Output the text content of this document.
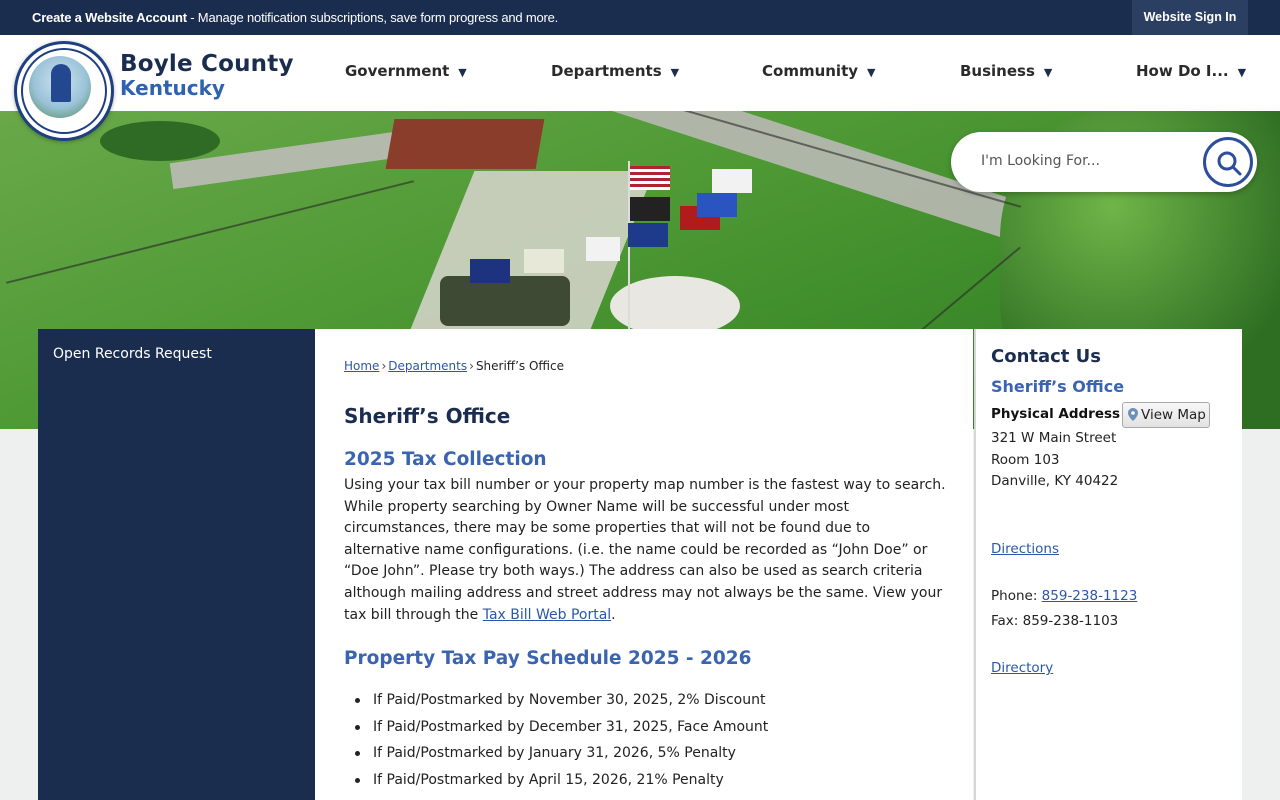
Create a Website Account - Manage notification subscriptions, save form progress and more.	Website Sign In
Boyle County
Kentucky
Government ▼	Departments ▼	Community ▼	Business ▼	How Do I... ▼
I'm Looking For...
Open Records Request
Home › Departments › Sheriff’s Office
Sheriff’s Office
2025 Tax Collection
Using your tax bill number or your property map number is the fastest way to search. While property searching by Owner Name will be successful under most circumstances, there may be some properties that will not be found due to alternative name configurations. (i.e. the name could be recorded as “John Doe” or “Doe John”. Please try both ways.) The address can also be used as search criteria although mailing address and street address may not always be the same. View your tax bill through the Tax Bill Web Portal.
Property Tax Pay Schedule 2025 - 2026
If Paid/Postmarked by November 30, 2025, 2% Discount
If Paid/Postmarked by December 31, 2025, Face Amount
If Paid/Postmarked by January 31, 2026, 5% Penalty
If Paid/Postmarked by April 15, 2026, 21% Penalty
Contact Us
Sheriff’s Office
Physical Address	View Map
321 W Main Street
Room 103
Danville, KY 40422
Directions
Phone: 859-238-1123
Fax: 859-238-1103
Directory
